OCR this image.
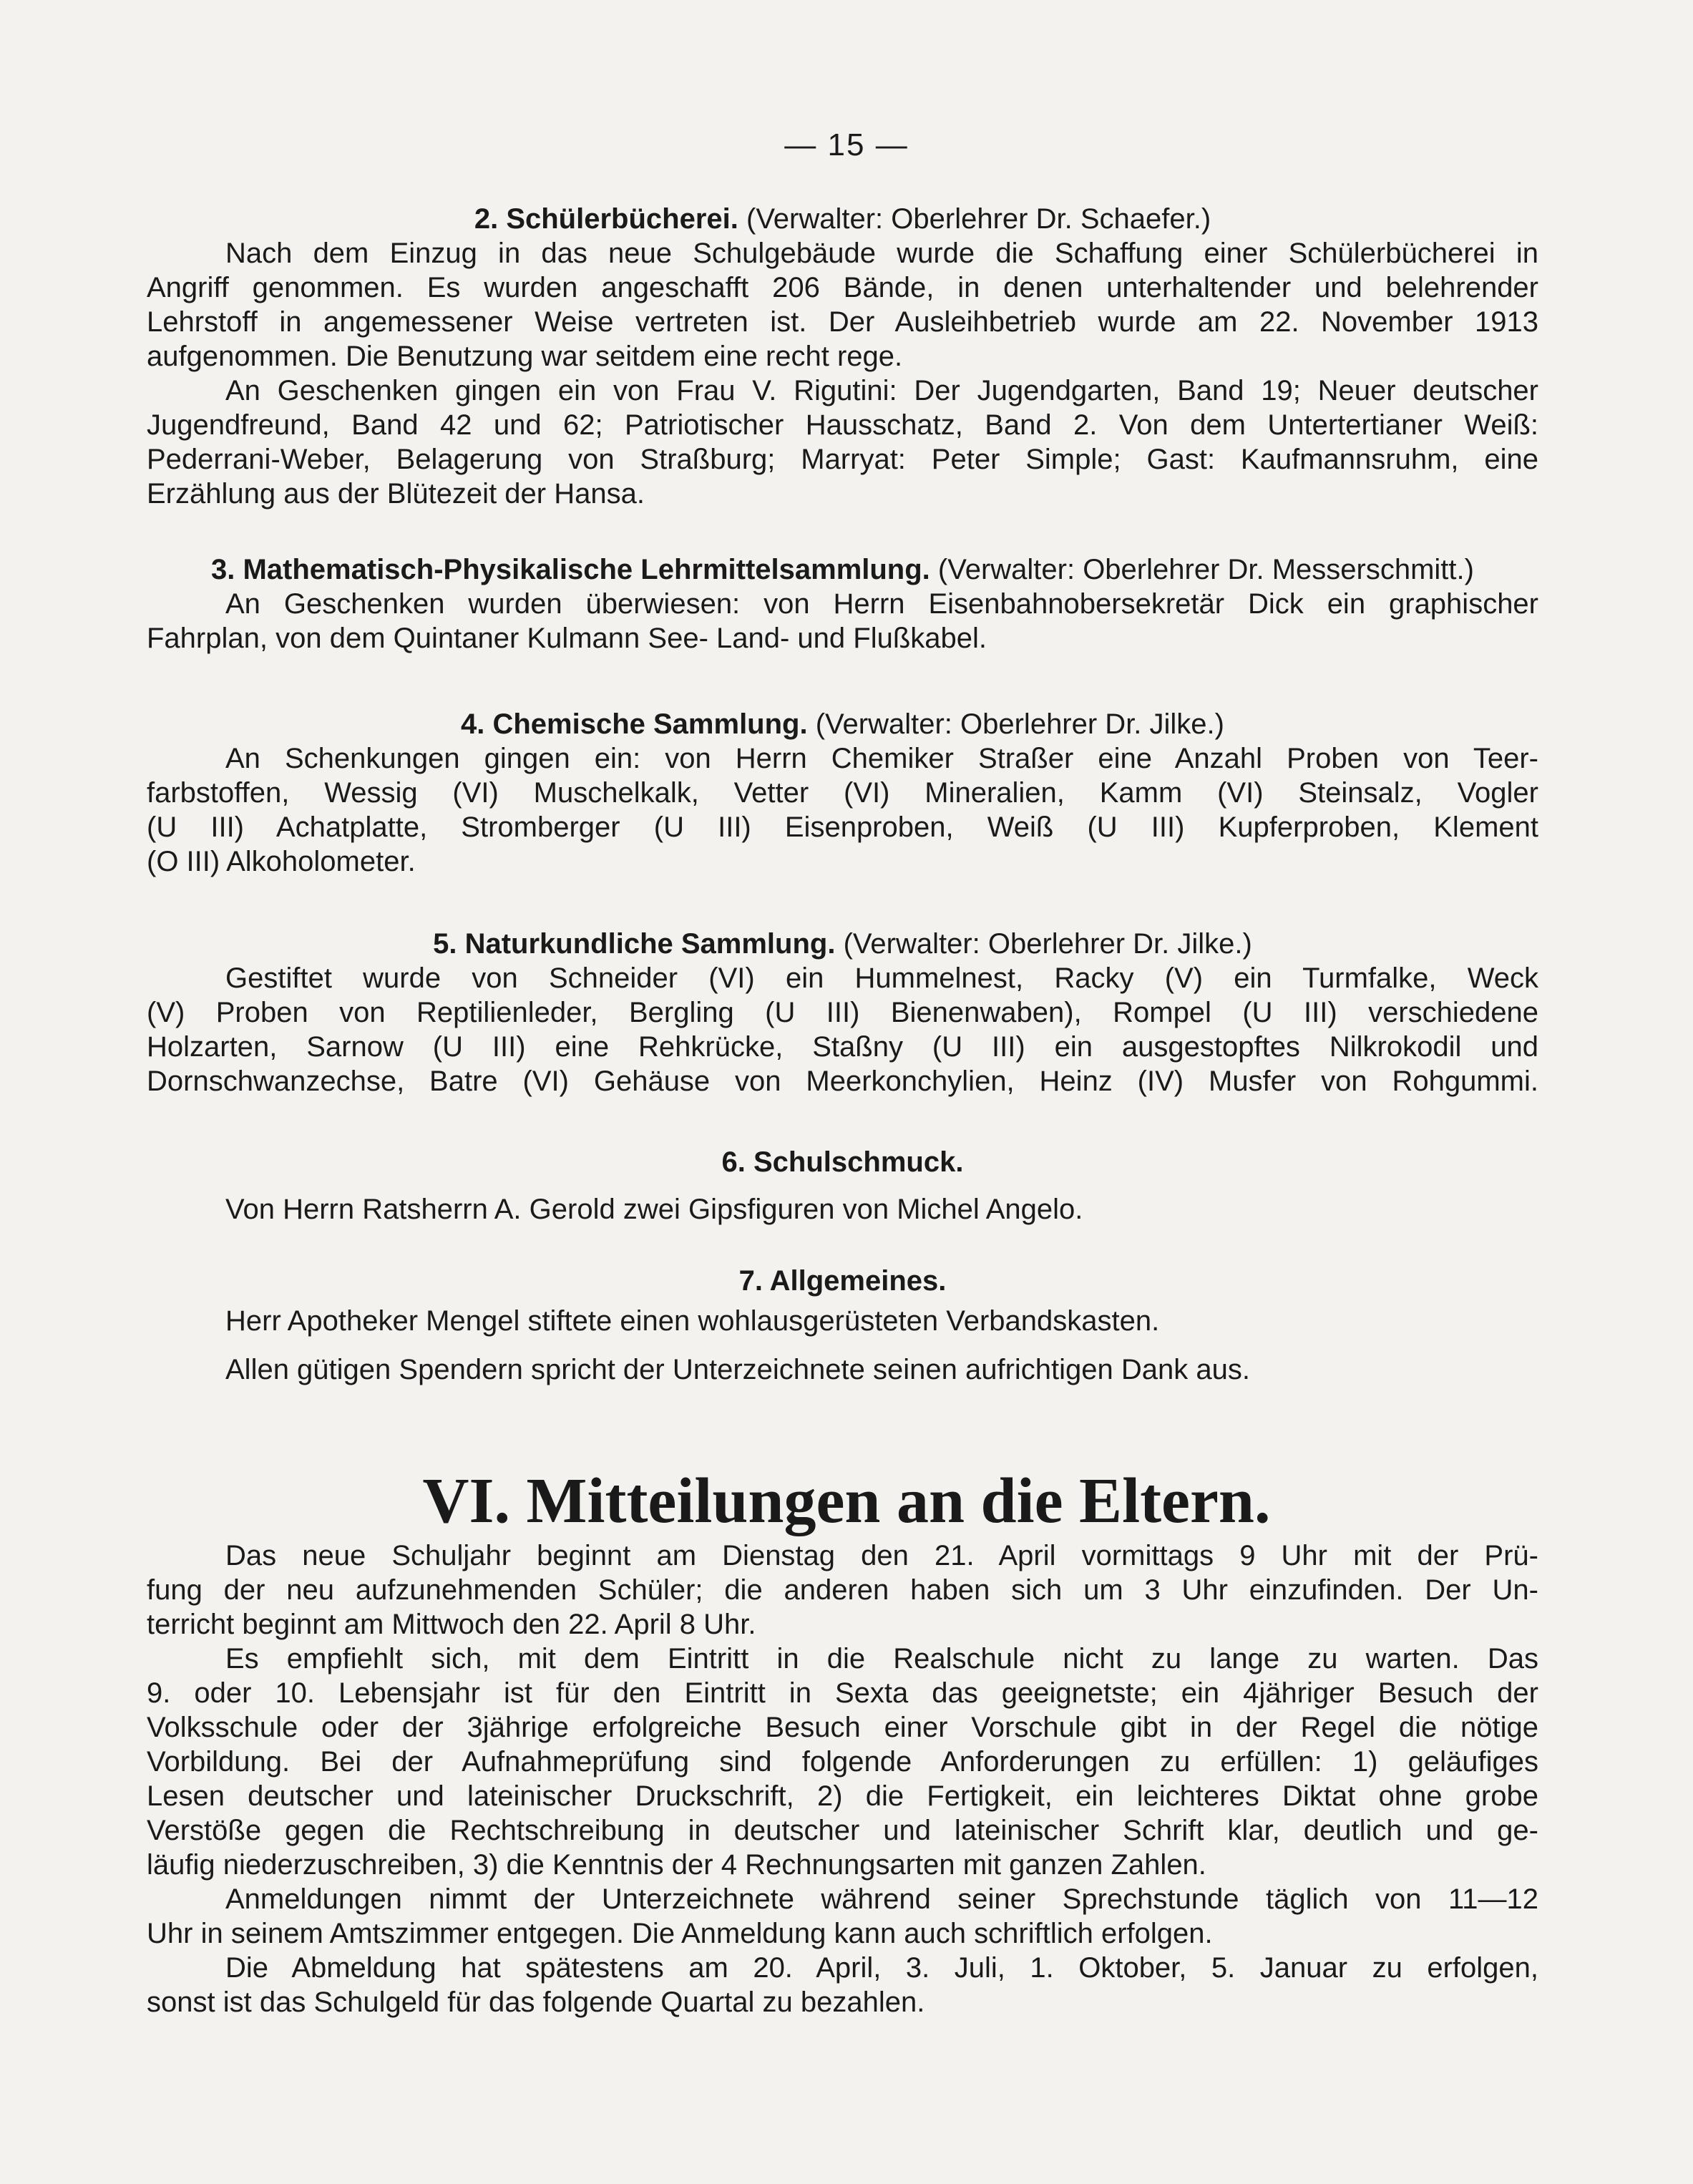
— 15 —
2. Schülerbücherei. (Verwalter: Oberlehrer Dr. Schaefer.)
Nach dem Einzug in das neue Schulgebäude wurde die Schaffung einer Schülerbücherei in
Angriff genommen. Es wurden angeschafft 206 Bände, in denen unterhaltender und belehrender
Lehrstoff in angemessener Weise vertreten ist. Der Ausleihbetrieb wurde am 22. November 1913
aufgenommen. Die Benutzung war seitdem eine recht rege.
An Geschenken gingen ein von Frau V. Rigutini: Der Jugendgarten, Band 19; Neuer deutscher
Jugendfreund, Band 42 und 62; Patriotischer Hausschatz, Band 2. Von dem Untertertianer Weiß:
Pederrani-Weber, Belagerung von Straßburg; Marryat: Peter Simple; Gast: Kaufmannsruhm, eine
Erzählung aus der Blütezeit der Hansa.
3. Mathematisch-Physikalische Lehrmittelsammlung. (Verwalter: Oberlehrer Dr. Messerschmitt.)
An Geschenken wurden überwiesen: von Herrn Eisenbahnobersekretär Dick ein graphischer
Fahrplan, von dem Quintaner Kulmann See- Land- und Flußkabel.
4. Chemische Sammlung. (Verwalter: Oberlehrer Dr. Jilke.)
An Schenkungen gingen ein: von Herrn Chemiker Straßer eine Anzahl Proben von Teer-
farbstoffen, Wessig (VI) Muschelkalk, Vetter (VI) Mineralien, Kamm (VI) Steinsalz, Vogler
(U III) Achatplatte, Stromberger (U III) Eisenproben, Weiß (U III) Kupferproben, Klement
(O III) Alkoholometer.
5. Naturkundliche Sammlung. (Verwalter: Oberlehrer Dr. Jilke.)
Gestiftet wurde von Schneider (VI) ein Hummelnest, Racky (V) ein Turmfalke, Weck
(V) Proben von Reptilienleder, Bergling (U III) Bienenwaben), Rompel (U III) verschiedene
Holzarten, Sarnow (U III) eine Rehkrücke, Staßny (U III) ein ausgestopftes Nilkrokodil und
Dornschwanzechse, Batre (VI) Gehäuse von Meerkonchylien, Heinz (IV) Musfer von Rohgummi.
6. Schulschmuck.
Von Herrn Ratsherrn A. Gerold zwei Gipsfiguren von Michel Angelo.
7. Allgemeines.
Herr Apotheker Mengel stiftete einen wohlausgerüsteten Verbandskasten.
Allen gütigen Spendern spricht der Unterzeichnete seinen aufrichtigen Dank aus.
VI. Mitteilungen an die Eltern.
Das neue Schuljahr beginnt am Dienstag den 21. April vormittags 9 Uhr mit der Prü-
fung der neu aufzunehmenden Schüler; die anderen haben sich um 3 Uhr einzufinden. Der Un-
terricht beginnt am Mittwoch den 22. April 8 Uhr.
Es empfiehlt sich, mit dem Eintritt in die Realschule nicht zu lange zu warten. Das
9. oder 10. Lebensjahr ist für den Eintritt in Sexta das geeignetste; ein 4jähriger Besuch der
Volksschule oder der 3jährige erfolgreiche Besuch einer Vorschule gibt in der Regel die nötige
Vorbildung. Bei der Aufnahmeprüfung sind folgende Anforderungen zu erfüllen: 1) geläufiges
Lesen deutscher und lateinischer Druckschrift, 2) die Fertigkeit, ein leichteres Diktat ohne grobe
Verstöße gegen die Rechtschreibung in deutscher und lateinischer Schrift klar, deutlich und ge-
läufig niederzuschreiben, 3) die Kenntnis der 4 Rechnungsarten mit ganzen Zahlen.
Anmeldungen nimmt der Unterzeichnete während seiner Sprechstunde täglich von 11—12
Uhr in seinem Amtszimmer entgegen. Die Anmeldung kann auch schriftlich erfolgen.
Die Abmeldung hat spätestens am 20. April, 3. Juli, 1. Oktober, 5. Januar zu erfolgen,
sonst ist das Schulgeld für das folgende Quartal zu bezahlen.
